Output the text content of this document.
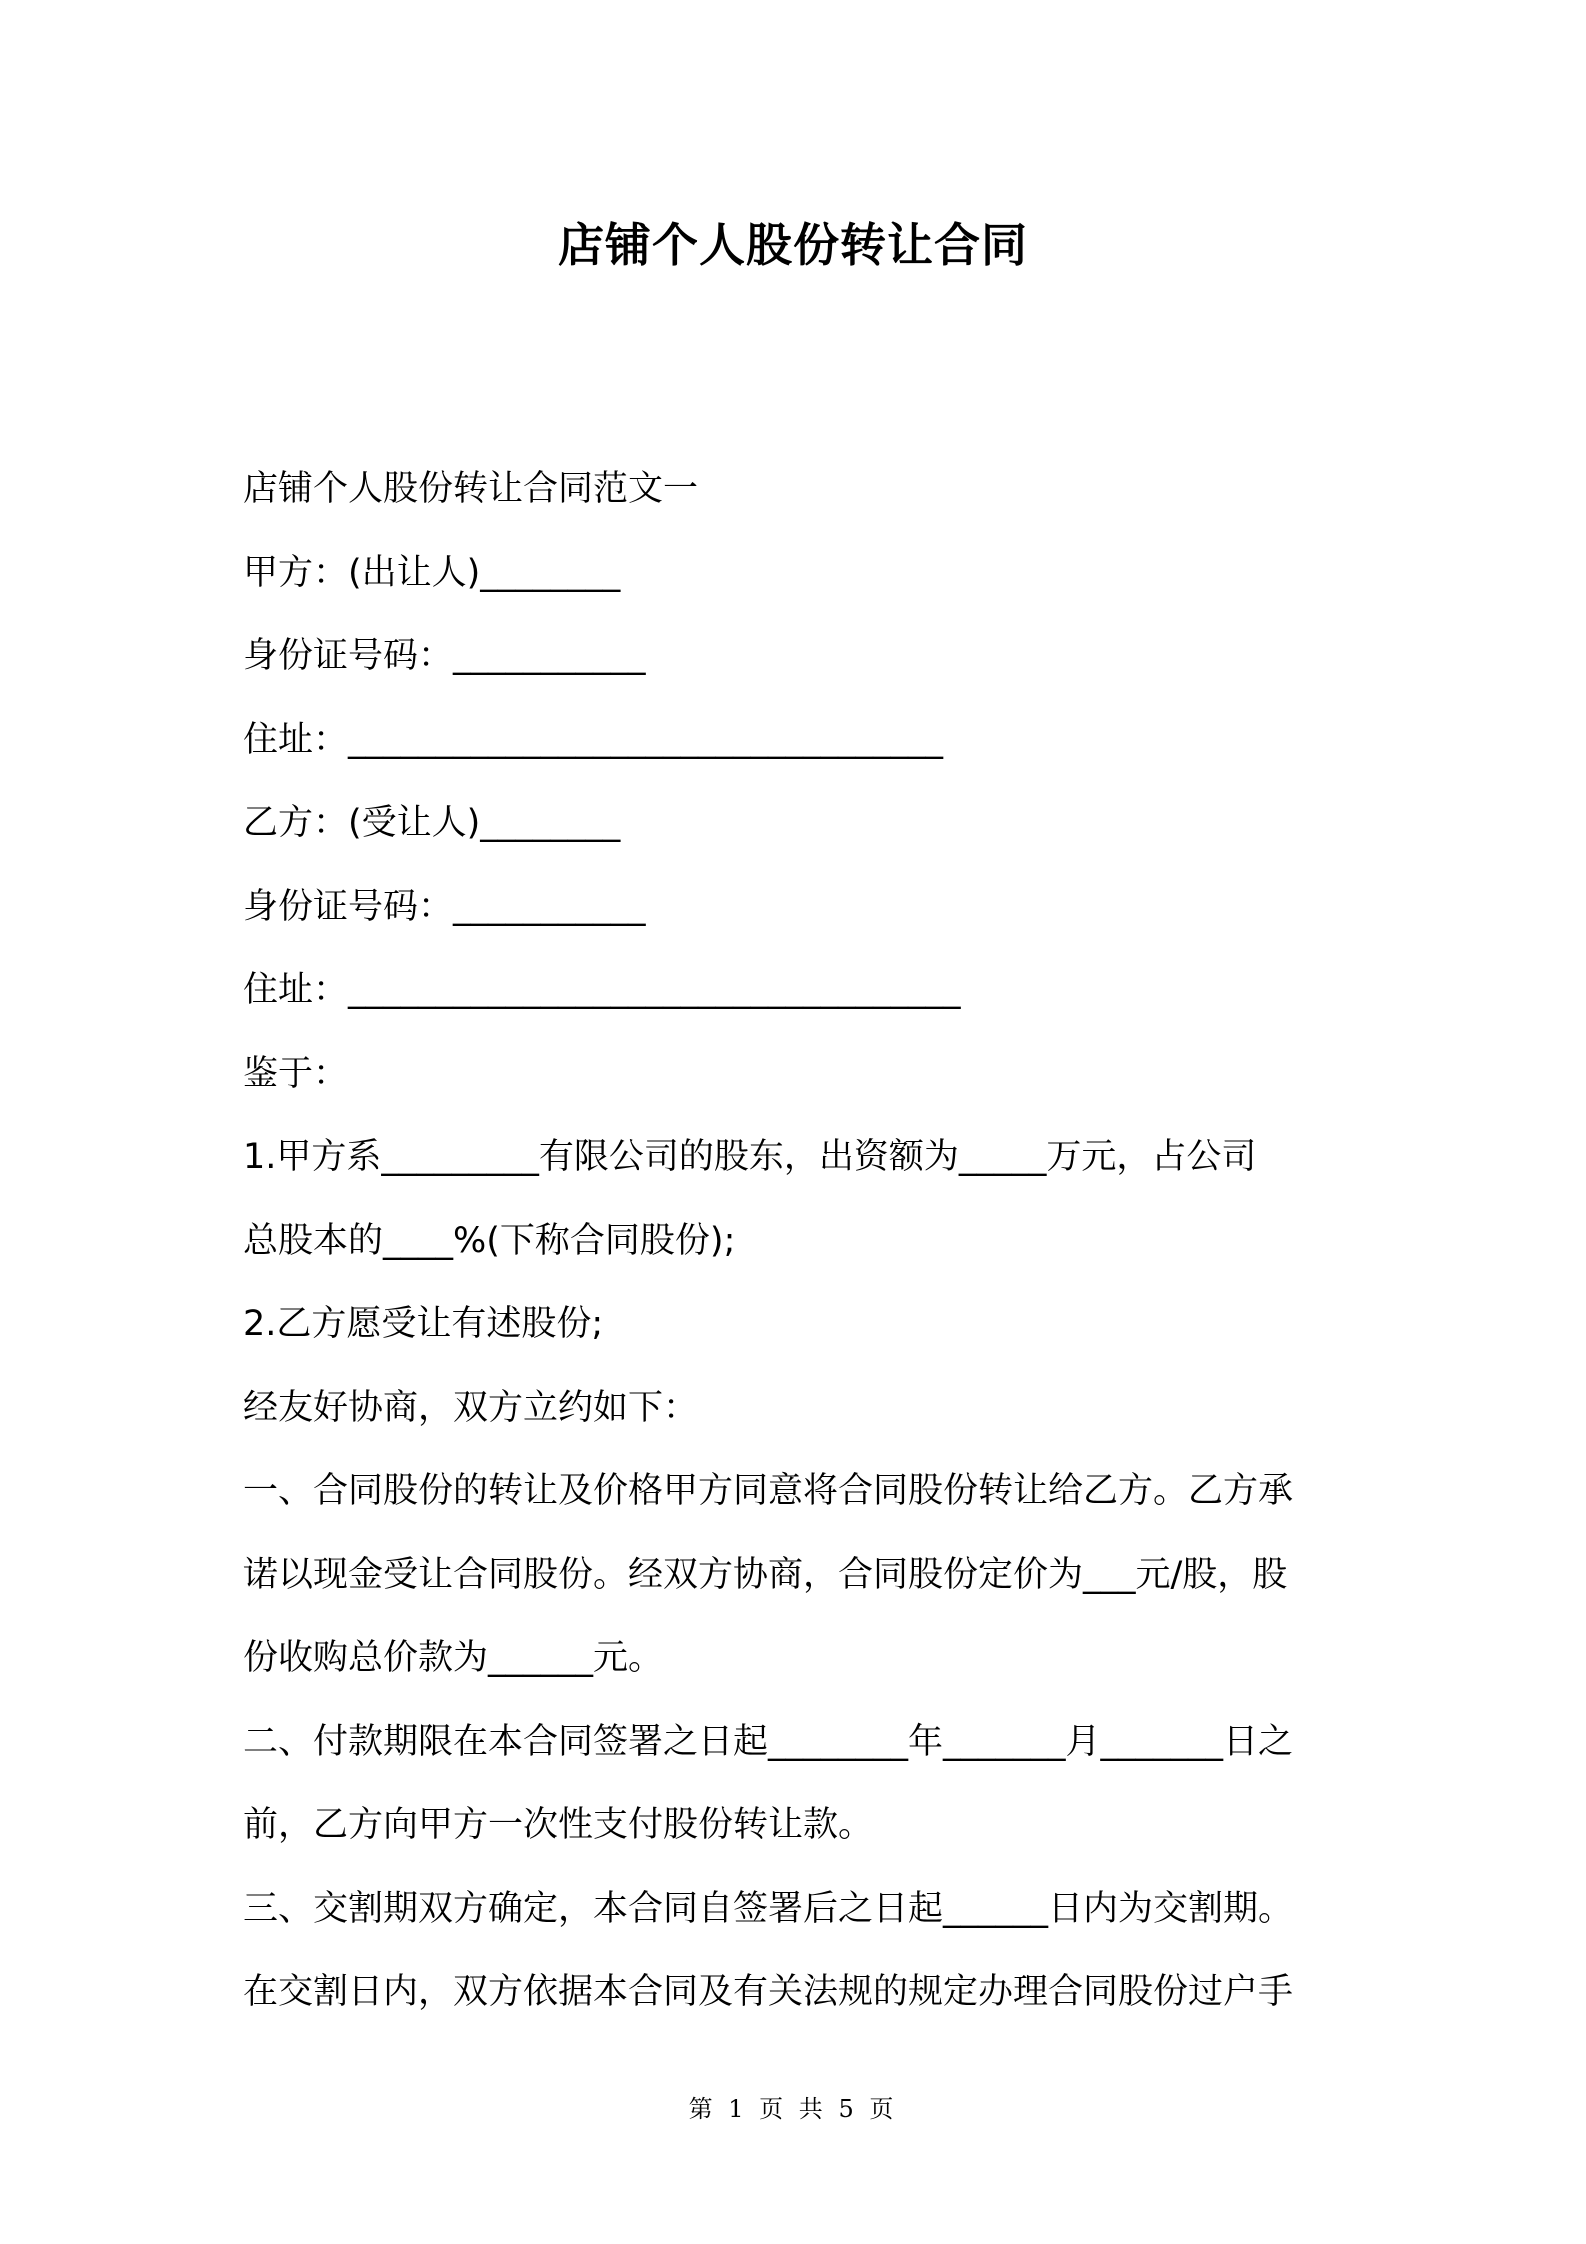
店铺个人股份转让合同

店铺个人股份转让合同范文一

甲方：(出让人)________

身份证号码：___________

住址：__________________________________

乙方：(受让人)________

身份证号码：___________

住址：___________________________________

鉴于：

1.甲方系_________有限公司的股东，出资额为_____万元，占公司

总股本的____%(下称合同股份);

2.乙方愿受让有述股份;

经友好协商，双方立约如下：

一、合同股份的转让及价格甲方同意将合同股份转让给乙方。乙方承

诺以现金受让合同股份。经双方协商，合同股份定价为___元/股，股

份收购总价款为______元。

二、付款期限在本合同签署之日起________年_______月_______日之

前，乙方向甲方一次性支付股份转让款。

三、交割期双方确定，本合同自签署后之日起______日内为交割期。

在交割日内，双方依据本合同及有关法规的规定办理合同股份过户手

第 1 页 共 5 页
